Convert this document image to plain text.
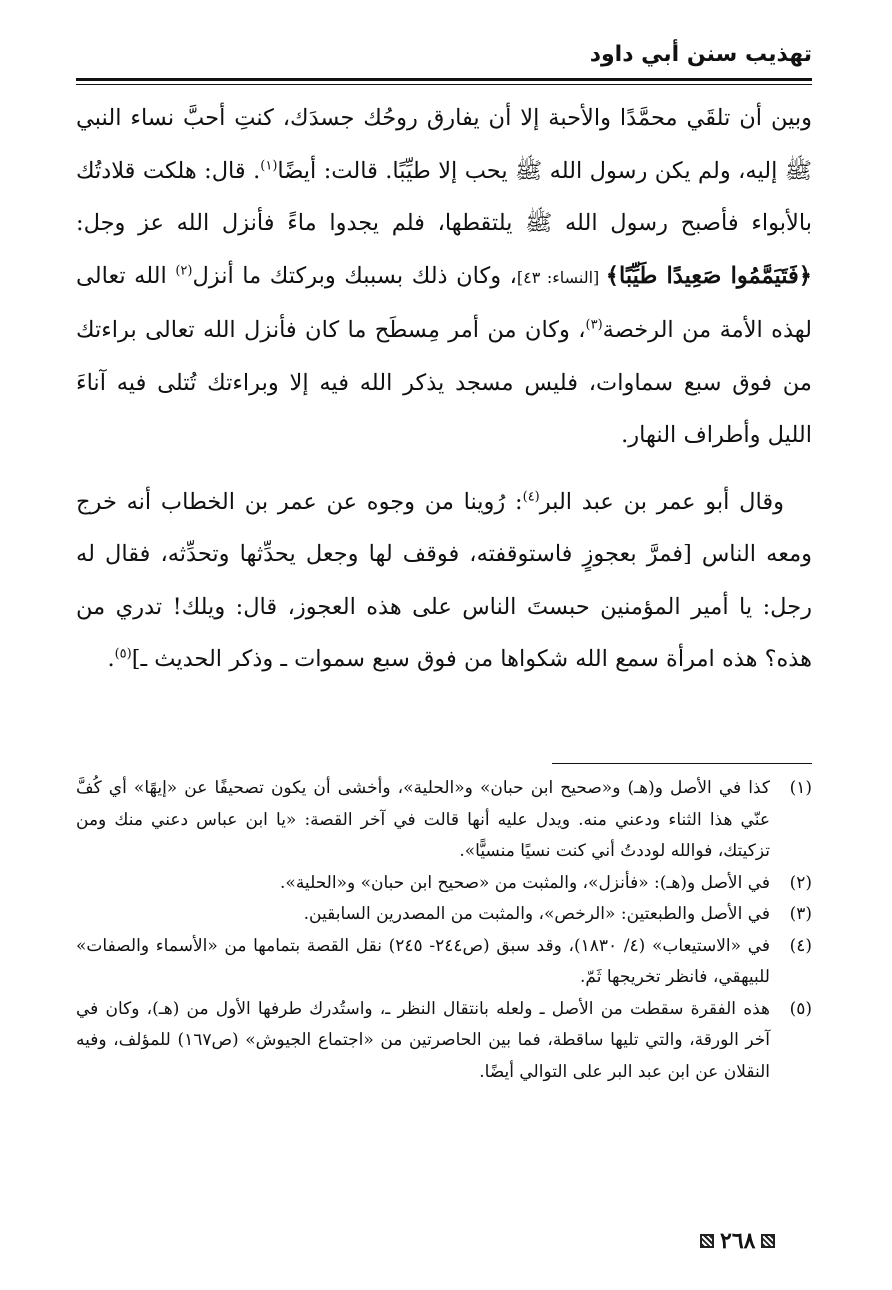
تهذيب سنن أبي داود

وبين أن تلقَي محمَّدًا والأحبة إلا أن يفارق روحُك جسدَك، كنتِ أحبَّ نساء النبي ﷺ إليه، ولم يكن رسول الله ﷺ يحب إلا طيِّبًا. قالت: أيضًا$^{(١)}$. قال: هلكت قلادتُك بالأبواء فأصبح رسول الله ﷺ يلتقطها، فلم يجدوا ماءً فأنزل الله عز وجل: ﴿فَتَيَمَّمُوا صَعِيدًا طَيِّبًا﴾ [النساء: ٤٣]، وكان ذلك بسببك وبركتك ما أنزل$^{(٢)}$ الله تعالى لهذه الأمة من الرخصة$^{(٣)}$، وكان من أمر مِسطَح ما كان فأنزل الله تعالى براءتك من فوق سبع سماوات، فليس مسجد يذكر الله فيه إلا وبراءتك تُتلى فيه آناءَ الليل وأطراف النهار.

وقال أبو عمر بن عبد البر$^{(٤)}$: رُوينا من وجوه عن عمر بن الخطاب أنه خرج ومعه الناس [فمرَّ بعجوزٍ فاستوقفته، فوقف لها وجعل يحدِّثها وتحدِّثه، فقال له رجل: يا أمير المؤمنين حبستَ الناس على هذه العجوز، قال: ويلك! تدري من هذه؟ هذه امرأة سمع الله شكواها من فوق سبع سموات ـ وذكر الحديث ـ]$^{(٥)}$.

(١)
كذا في الأصل و(هـ) و«صحيح ابن حبان» و«الحلية»، وأخشى أن يكون تصحيفًا عن «إيهًا» أي كُفَّ عنّي هذا الثناء ودعني منه. ويدل عليه أنها قالت في آخر القصة: «يا ابن عباس دعني منك ومن تزكيتك، فوالله لوددتُ أني كنت نسيًا منسيًّا».
(٢)
في الأصل و(هـ): «فأنزل»، والمثبت من «صحيح ابن حبان» و«الحلية».
(٣)
في الأصل والطبعتين: «الرخص»، والمثبت من المصدرين السابقين.
(٤)
في «الاستيعاب» (٤/ ١٨٣٠)، وقد سبق (ص٢٤٤- ٢٤٥) نقل القصة بتمامها من «الأسماء والصفات» للبيهقي، فانظر تخريجها ثَمّ.
(٥)
هذه الفقرة سقطت من الأصل ـ ولعله بانتقال النظر ـ، واستُدرك طرفها الأول من (هـ)، وكان في آخر الورقة، والتي تليها ساقطة، فما بين الحاصرتين من «اجتماع الجيوش» (ص١٦٧) للمؤلف، وفيه النقلان عن ابن عبد البر على التوالي أيضًا.
٢٦٨
